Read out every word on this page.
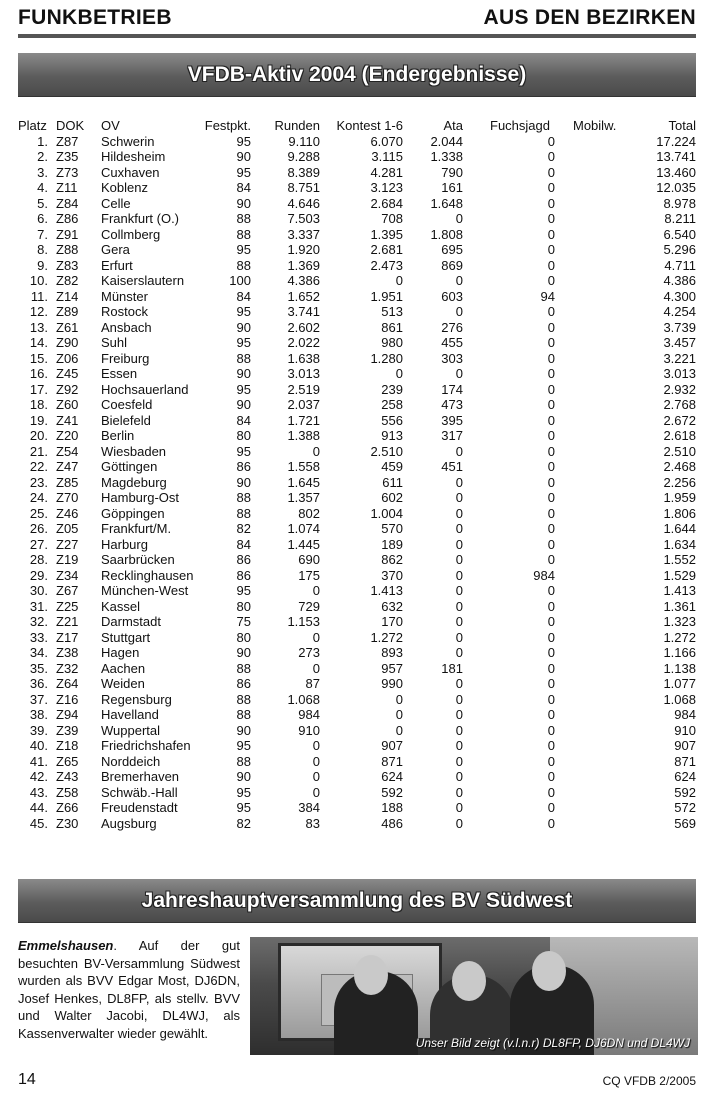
FUNKBETRIEB	AUS DEN BEZIRKEN
VFDB-Aktiv 2004 (Endergebnisse)
Platz DOK OV	Festpkt.	Runden Kontest 1-6	Ata Fuchsjagd	Mobilw.	Total
1. Z87 Schwerin	95	9.110	6.070	2.044	0	17.224
2. Z35 Hildesheim	90	9.288	3.115	1.338	0	13.741
3. Z73 Cuxhaven	95	8.389	4.281	790	0	13.460
4. Z11 Koblenz	84	8.751	3.123	161	0	12.035
5. Z84 Celle	90	4.646	2.684	1.648	0	8.978
6. Z86 Frankfurt (O.)	88	7.503	708	0	0	8.211
7. Z91 Collmberg	88	3.337	1.395	1.808	0	6.540
8. Z88 Gera	95	1.920	2.681	695	0	5.296
9. Z83 Erfurt	88	1.369	2.473	869	0	4.711
10. Z82 Kaiserslautern	100	4.386	0	0	0	4.386
11. Z14 Münster	84	1.652	1.951	603	94	4.300
12. Z89 Rostock	95	3.741	513	0	0	4.254
13. Z61 Ansbach	90	2.602	861	276	0	3.739
14. Z90 Suhl	95	2.022	980	455	0	3.457
15. Z06 Freiburg	88	1.638	1.280	303	0	3.221
16. Z45 Essen	90	3.013	0	0	0	3.013
17. Z92 Hochsauerland	95	2.519	239	174	0	2.932
18. Z60 Coesfeld	90	2.037	258	473	0	2.768
19. Z41 Bielefeld	84	1.721	556	395	0	2.672
20. Z20 Berlin	80	1.388	913	317	0	2.618
21. Z54 Wiesbaden	95	0	2.510	0	0	2.510
22. Z47 Göttingen	86	1.558	459	451	0	2.468
23. Z85 Magdeburg	90	1.645	611	0	0	2.256
24. Z70 Hamburg-Ost	88	1.357	602	0	0	1.959
25. Z46 Göppingen	88	802	1.004	0	0	1.806
26. Z05 Frankfurt/M.	82	1.074	570	0	0	1.644
27. Z27 Harburg	84	1.445	189	0	0	1.634
28. Z19 Saarbrücken	86	690	862	0	0	1.552
29. Z34 Recklinghausen	86	175	370	0	984	1.529
30. Z67 München-West	95	0	1.413	0	0	1.413
31. Z25 Kassel	80	729	632	0	0	1.361
32. Z21 Darmstadt	75	1.153	170	0	0	1.323
33. Z17 Stuttgart	80	0	1.272	0	0	1.272
34. Z38 Hagen	90	273	893	0	0	1.166
35. Z32 Aachen	88	0	957	181	0	1.138
36. Z64 Weiden	86	87	990	0	0	1.077
37. Z16 Regensburg	88	1.068	0	0	0	1.068
38. Z94 Havelland	88	984	0	0	0	984
39. Z39 Wuppertal	90	910	0	0	0	910
40. Z18 Friedrichshafen	95	0	907	0	0	907
41. Z65 Norddeich	88	0	871	0	0	871
42. Z43 Bremerhaven	90	0	624	0	0	624
43. Z58 Schwäb.-Hall	95	0	592	0	0	592
44. Z66 Freudenstadt	95	384	188	0	0	572
45. Z30 Augsburg	82	83	486	0	0	569
Jahreshauptversammlung des BV Südwest
Emmelshausen. Auf der gut besuchten BV-Versammlung Südwest wurden als BVV Edgar Most, DJ6DN, Josef Henkes, DL8FP, als stellv. BVV und Walter Jacobi, DL4WJ, als Kassenverwalter wieder gewählt.
Unser Bild zeigt (v.l.n.r) DL8FP, DJ6DN und DL4WJ
14	CQ VFDB 2/2005
